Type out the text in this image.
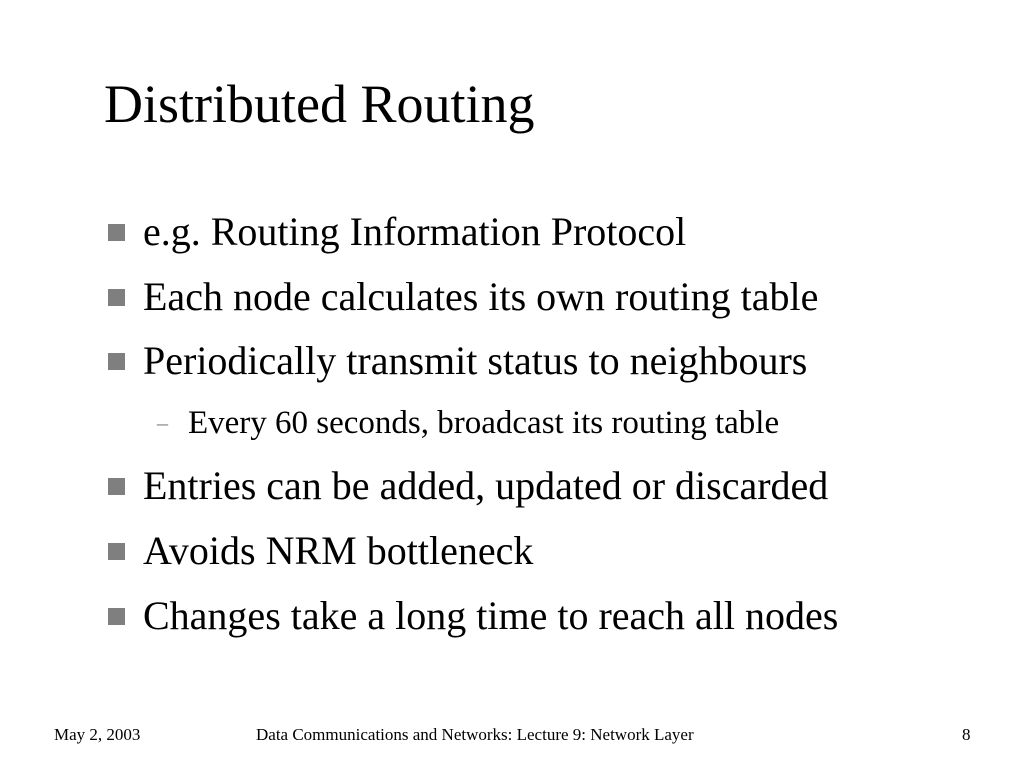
Distributed Routing
e.g. Routing Information Protocol
Each node calculates its own routing table
Periodically transmit status to neighbours
– Every 60 seconds, broadcast its routing table
Entries can be added, updated or discarded
Avoids NRM bottleneck
Changes take a long time to reach all nodes
May 2, 2003	Data Communications and Networks: Lecture 9: Network Layer	8
